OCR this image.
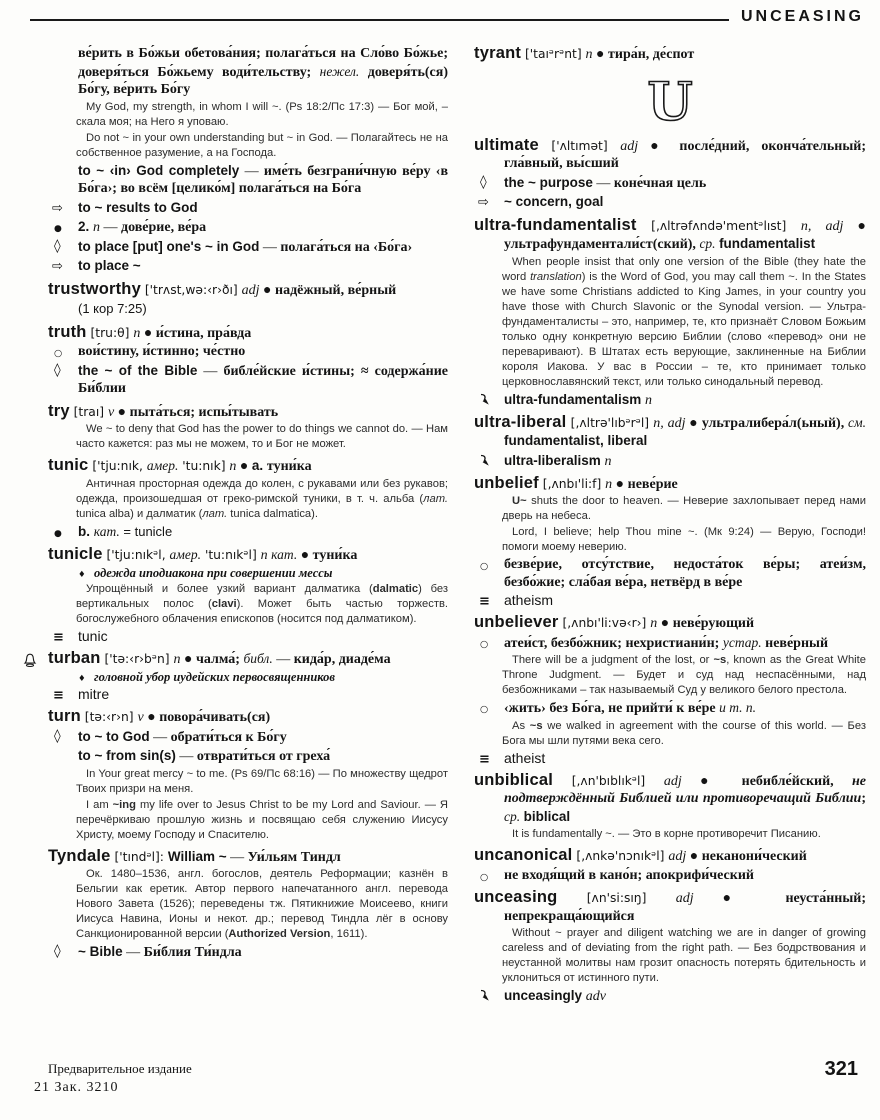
UNCEASING
ве́рить в Бо́жьи обетова́ния; полага́ться на Сло́во Бо́жье; доверя́ться Бо́жьему води́тельству; нежел. доверя́ть(ся) Бо́гу, ве́рить Бо́гу
My God, my strength, in whom I will ~. (Ps 18:2/Пс 17:3) — Бог мой, – скала моя; на Него я уповаю.
Do not ~ in your own understanding but ~ in God. — Полагайтесь не на собственное разумение, а на Господа.
to ~ ‹in› God completely — име́ть безграни́чную ве́ру ‹в Бо́га›; во всём [целико́м] полага́ться на Бо́га
⇨ to ~ results to God
● 2. n — дове́рие, ве́ра
◊ to place [put] one's ~ in God — полага́ться на ‹Бо́га›
⇨ to place ~
trustworthy ['trʌst,wə:‹r›ðı] adj ● надёжный, ве́рный
(1 кор 7:25)
truth [tru:θ] n ● и́стина, пра́вда
○ вои́стину, и́стинно; че́стно
◊ the ~ of the Bible — библе́йские и́стины; ≈ содержа́ние Би́блии
try [traı] v ● пыта́ться; испы́тывать
We ~ to deny that God has the power to do things we cannot do. — Нам часто кажется: раз мы не можем, то и Бог не может.
tunic ['tju:nık, амер. 'tu:nık] n ● a. туни́ка
Античная просторная одежда до колен, с рукавами или без рукавов; одежда, произошедшая от греко-римской туники, в т. ч. альба (лат. tunica alba) и далматик (лат. tunica dalmatica).
● b. кат. = tunicle
tunicle ['tju:nıkᵊl, амер. 'tu:nıkᵊl] n кат. ● туни́ка
♦ одежда иподиакона при совершении мессы
Упрощённый и более узкий вариант далматика (dalmatic) без вертикальных полос (clavi). Может быть частью торжеств. богослужебного облачения епископов (носится под далматиком).
≡ tunic
turban ['tə:‹r›bᵊn] n ● чалма́; библ. — кида́р, диаде́ма
♦ головной убор иудейских первосвященников
≡ mitre
turn [tə:‹r›n] v ● повора́чивать(ся)
◊ to ~ to God — обрати́ться к Бо́гу
to ~ from sin(s) — отврати́ться от греха́
In Your great mercy ~ to me. (Ps 69/Пс 68:16) — По множеству щедрот Твоих призри на меня.
I am ~ing my life over to Jesus Christ to be my Lord and Saviour. — Я перечёркиваю прошлую жизнь и посвящаю себя служению Иисусу Христу, моему Господу и Спасителю.
Tyndale ['tındᵊl]: William ~ — Уи́льям Тиндл
Ок. 1480–1536, англ. богослов, деятель Реформации; казнён в Бельгии как еретик. Автор первого напечатанного англ. перевода Нового Завета (1526); переведены тж. Пятикнижие Моисеево, книги Иисуса Навина, Ионы и некот. др.; перевод Тиндла лёг в основу Санкционированной версии (Authorized Version, 1611).
◊ ~ Bible — Би́блия Ти́ндла
tyrant ['taıᵊrᵊnt] n ● тира́н, де́спот
U
ultimate ['ʌltımət] adj ● после́дний, оконча́тельный; гла́вный, вы́сший
◊ the ~ purpose — коне́чная цель
⇨ ~ concern, goal
ultra-fundamentalist [,ʌltrəfʌndə'mentᵊlıst] n, adj ● ультрафундаментали́ст(ский), ср. fundamentalist
When people insist that only one version of the Bible (they hate the word translation) is the Word of God, you may call them ~. In the States we have some Christians addicted to King James, in your country you have those with Church Slavonic or the Synodal version. — Ультра-фундаменталисты – это, например, те, кто признаёт Словом Божьим только одну конкретную версию Библии (слово «перевод» они не переваривают). В Штатах есть верующие, заклиненные на Библии короля Иакова. У вас в России – те, кто принимает только церковнославянский текст, или только синодальный перевод.
ultra-fundamentalism n
ultra-liberal [,ʌltrə'lıbᵊrᵊl] n, adj ● ультралибера́л(ьный), см. fundamentalist, liberal
ultra-liberalism n
unbelief [,ʌnbı'li:f] n ● неве́рие
U~ shuts the door to heaven. — Неверие захлопывает перед нами дверь на небеса.
Lord, I believe; help Thou mine ~. (Мк 9:24) — Верую, Господи! помоги моему неверию.
○ безве́рие, отсу́тствие, недоста́ток ве́ры; атеи́зм, безбо́жие; сла́бая ве́ра, нетвёрд в ве́ре
≡ atheism
unbeliever [,ʌnbı'li:və‹r›] n ● неве́рующий
○ атеи́ст, безбо́жник; нехристиани́н; устар. неве́рный
There will be a judgment of the lost, or ~s, known as the Great White Throne Judgment. — Будет и суд над неспасёнными, над безбожниками – так называемый Суд у великого белого престола.
○ ‹жить› без Бо́га, не прийти́ к ве́ре и т. п.
As ~s we walked in agreement with the course of this world. — Без Бога мы шли путями века сего.
≡ atheist
unbiblical [,ʌn'bıblıkᵊl] adj ● небибле́йский, не подтверждённый Библией или противоречащий Библии; ср. biblical
It is fundamentally ~. — Это в корне противоречит Писанию.
uncanonical [,ʌnkə'nɔnıkᵊl] adj ● неканони́ческий
○ не входя́щий в кано́н; апокрифи́ческий
unceasing [ʌn'si:sıŋ] adj ● неуста́нный; непрекраща́ющийся
Without ~ prayer and diligent watching we are in danger of growing careless and of deviating from the right path. — Без бодрствования и неустанной молитвы нам грозит опасность потерять бдительность и уклониться от истинного пути.
unceasingly adv
Предварительное издание
21 Зак. 3210
321
